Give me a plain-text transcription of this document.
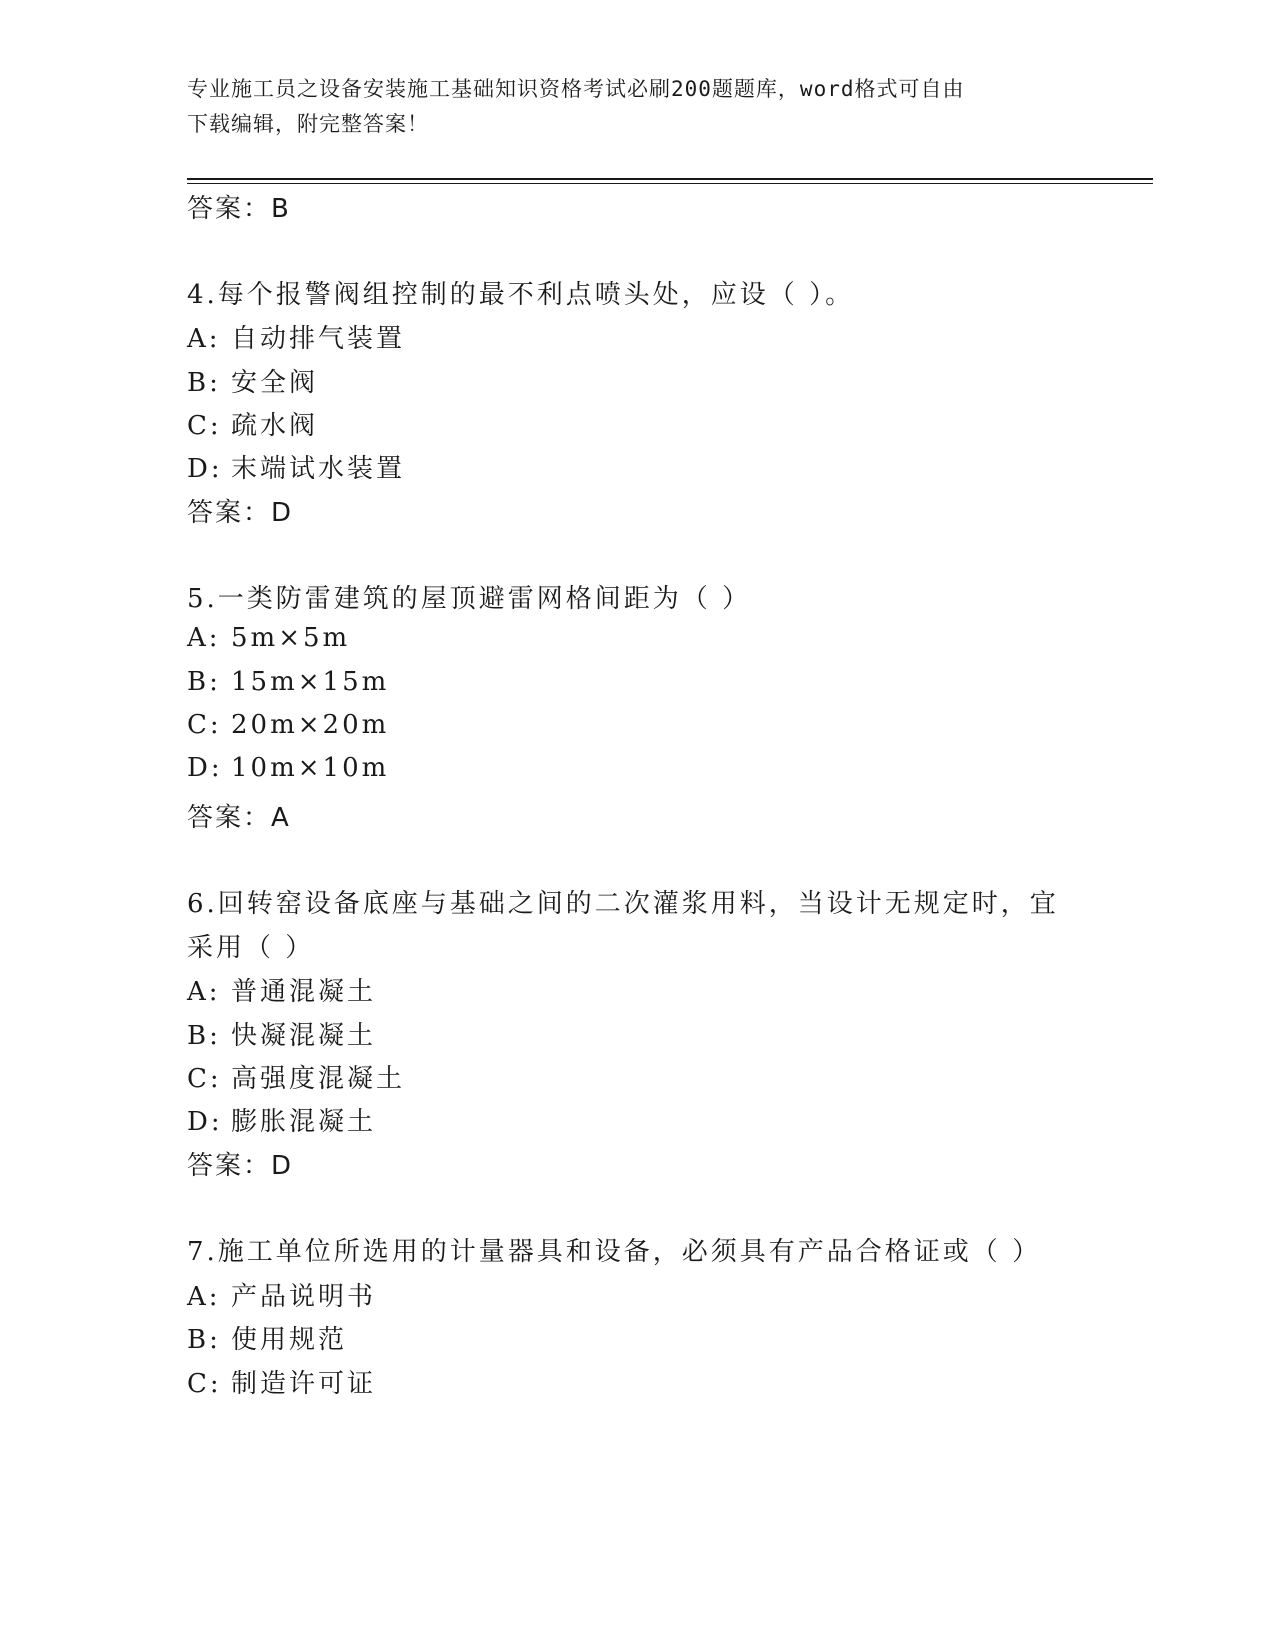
专业施工员之设备安装施工基础知识资格考试必刷200题题库，word格式可自由
下载编辑，附完整答案！
答案：B
4.每个报警阀组控制的最不利点喷头处，应设（ ）。
A: 自动排气装置
B: 安全阀
C: 疏水阀
D: 末端试水装置
答案：D
5.一类防雷建筑的屋顶避雷网格间距为（ ）
A: 5m×5m
B: 15m×15m
C: 20m×20m
D: 10m×10m
答案：A
6.回转窑设备底座与基础之间的二次灌浆用料，当设计无规定时，宜
采用（ ）
A: 普通混凝土
B: 快凝混凝土
C: 高强度混凝土
D: 膨胀混凝土
答案：D
7.施工单位所选用的计量器具和设备，必须具有产品合格证或（ ）
A: 产品说明书
B: 使用规范
C: 制造许可证
